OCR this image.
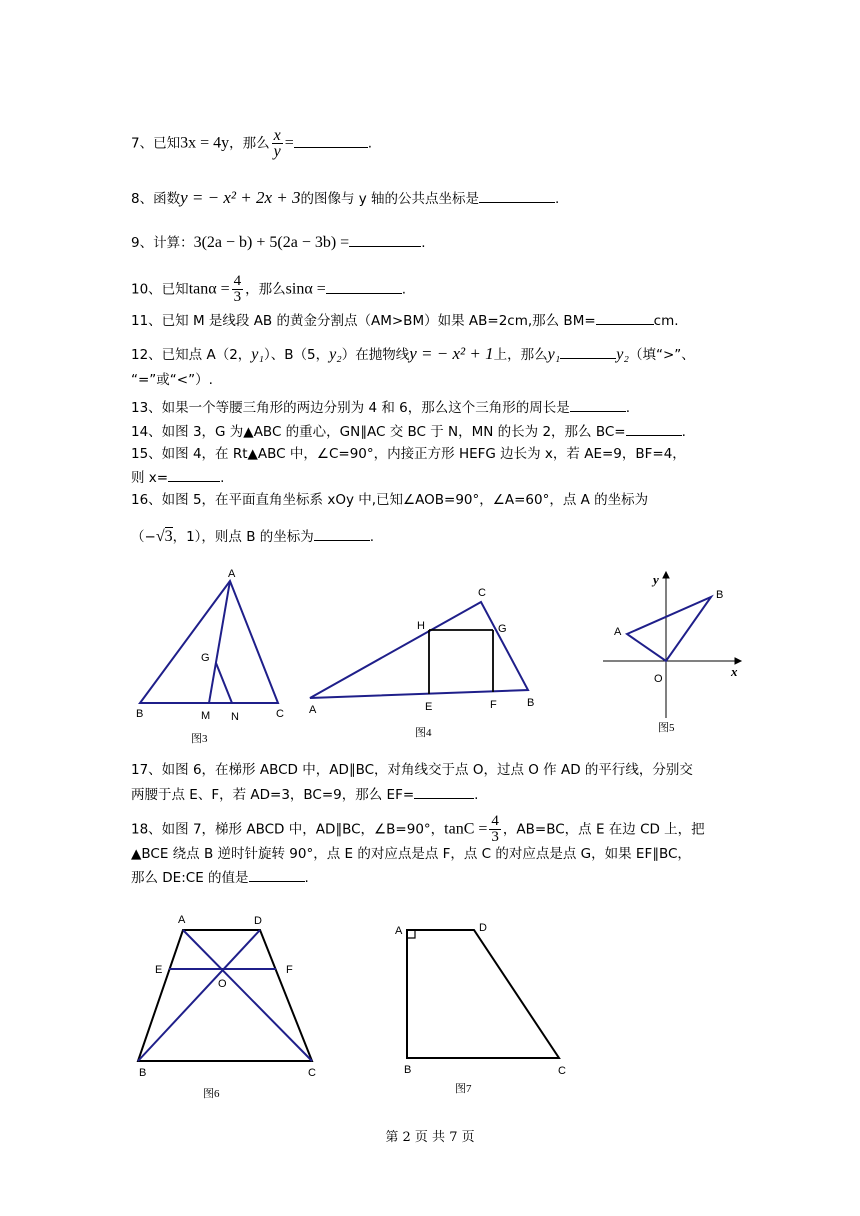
7、已知3x = 4y，那么 $\frac{x}{y}$ =	.
8、函数y = − x² + 2x + 3的图像与 y 轴的公共点坐标是	.
9、计算：3(2a − b) + 5(2a − 3b) =	.
10、已知$\tan\alpha = \frac{4}{3}$ ，那么sinα =	.
11、已知 M 是线段 AB 的黄金分割点（AM>BM）如果 AB=2cm,那么 BM=	cm.
12、已知点 A（2，y₁）、B（5，y₂）在抛物线y = − x² + 1上，那么y₁	y₂（填“>”、
“=”或“<”）.
13、如果一个等腰三角形的两边分别为 4 和 6，那么这个三角形的周长是	.
14、如图 3，G 为▲ABC 的重心，GN∥AC 交 BC 于 N，MN 的长为 2，那么 BC=	.
15、如图 4，在 Rt▲ABC 中，∠C=90°，内接正方形 HEFG 边长为 x，若 AE=9，BF=4，
则 x=	.
16、如图 5，在平面直角坐标系 xOy 中,已知∠AOB=90°，∠A=60°，点 A 的坐标为
（−√3，1），则点 B 的坐标为	.
A
B	C
G
M N
图3
A
B
C
H	G
E	F
图4
x
y
O
A
B
图5
17、如图 6，在梯形 ABCD 中，AD∥BC，对角线交于点 O，过点 O 作 AD 的平行线，分别交
两腰于点 E、F，若 AD=3，BC=9，那么 EF=	.
18、如图 7，梯形 ABCD 中，AD∥BC，∠B=90°，$\tan C = \frac{4}{3}$ ，AB=BC，点 E 在边 CD 上，把
▲BCE 绕点 B 逆时针旋转 90°，点 E 的对应点是点 F，点 C 的对应点是点 G，如果 EF∥BC，
那么 DE:CE 的值是	.
A	D
E	F
O
B	C
图6
A	D
B	C
图7
第 2 页 共 7 页
